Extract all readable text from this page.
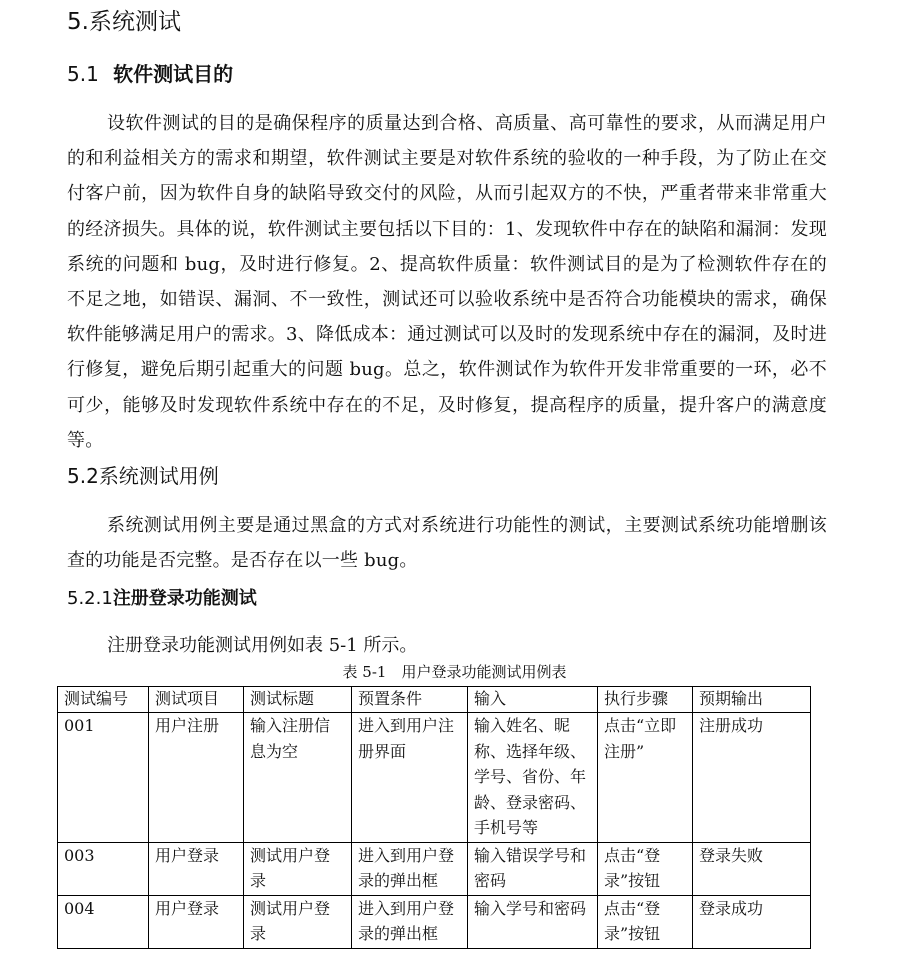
5.系统测试
5.1 软件测试目的
设软件测试的目的是确保程序的质量达到合格、高质量、高可靠性的要求，从而满足用户的和利益相关方的需求和期望，软件测试主要是对软件系统的验收的一种手段，为了防止在交付客户前，因为软件自身的缺陷导致交付的风险，从而引起双方的不快，严重者带来非常重大的经济损失。具体的说，软件测试主要包括以下目的：1、发现软件中存在的缺陷和漏洞：发现系统的问题和 bug，及时进行修复。2、提高软件质量：软件测试目的是为了检测软件存在的不足之地，如错误、漏洞、不一致性，测试还可以验收系统中是否符合功能模块的需求，确保软件能够满足用户的需求。3、降低成本：通过测试可以及时的发现系统中存在的漏洞，及时进行修复，避免后期引起重大的问题 bug。总之，软件测试作为软件开发非常重要的一环，必不可少，能够及时发现软件系统中存在的不足，及时修复，提高程序的质量，提升客户的满意度等。
5.2系统测试用例
系统测试用例主要是通过黑盒的方式对系统进行功能性的测试，主要测试系统功能增删该查的功能是否完整。是否存在以一些 bug。
5.2.1注册登录功能测试
注册登录功能测试用例如表 5-1 所示。
表 5-1　用户登录功能测试用例表
测试编号	测试项目	测试标题	预置条件	输入	执行步骤	预期输出
001	用户注册	输入注册信息为空	进入到用户注册界面	输入姓名、昵称、选择年级、学号、省份、年龄、登录密码、手机号等	点击“立即注册”	注册成功
003	用户登录	测试用户登录	进入到用户登录的弹出框	输入错误学号和密码	点击“登录”按钮	登录失败
004	用户登录	测试用户登录	进入到用户登录的弹出框	输入学号和密码	点击“登录”按钮	登录成功
